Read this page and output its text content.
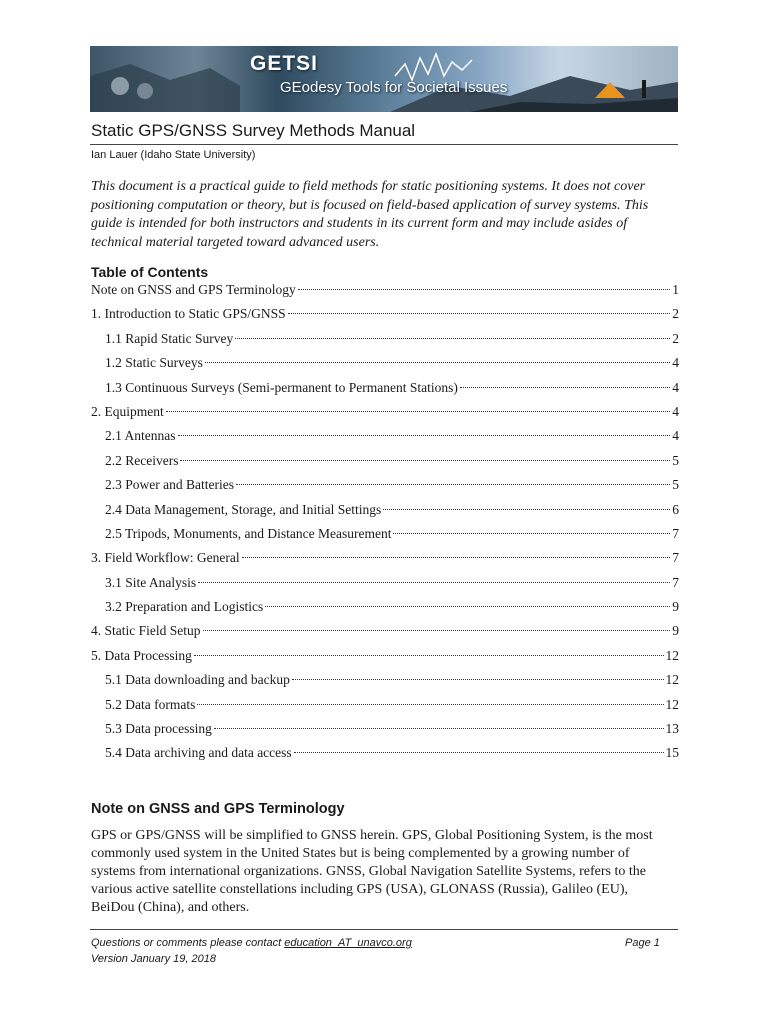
GETSI
GEodesy Tools for Societal Issues
Static GPS/GNSS Survey Methods Manual
Ian Lauer (Idaho State University)
This document is a practical guide to field methods for static positioning systems. It does not cover positioning computation or theory, but is focused on field-based application of survey systems. This guide is intended for both instructors and students in its current form and may include asides of technical material targeted toward advanced users.
Table of Contents
Note on GNSS and GPS Terminology	1
1. Introduction to Static GPS/GNSS	2
1.1 Rapid Static Survey	2
1.2 Static Surveys	4
1.3 Continuous Surveys (Semi-permanent to Permanent Stations)	4
2. Equipment	4
2.1 Antennas	4
2.2 Receivers	5
2.3 Power and Batteries	5
2.4 Data Management, Storage, and Initial Settings	6
2.5 Tripods, Monuments, and Distance Measurement	7
3. Field Workflow: General	7
3.1 Site Analysis	7
3.2 Preparation and Logistics	9
4. Static Field Setup	9
5. Data Processing	12
5.1 Data downloading and backup	12
5.2 Data formats	12
5.3 Data processing	13
5.4 Data archiving and data access	15
Note on GNSS and GPS Terminology
GPS or GPS/GNSS will be simplified to GNSS herein. GPS, Global Positioning System, is the most commonly used system in the United States but is being complemented by a growing number of systems from international organizations. GNSS, Global Navigation Satellite Systems, refers to the various active satellite constellations including GPS (USA), GLONASS (Russia), Galileo (EU), BeiDou (China), and others.
Questions or comments please contact education_AT_unavco.org	Page 1
Version January 19, 2018
